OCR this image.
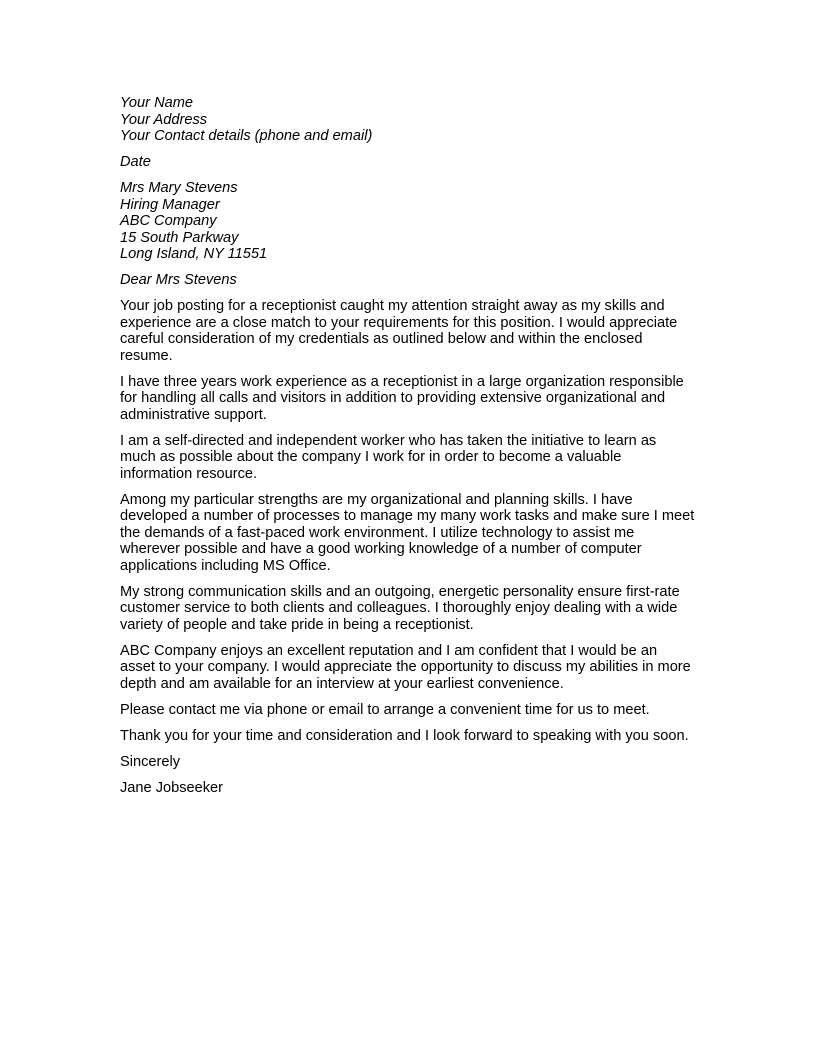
Your Name
Your Address
Your Contact details (phone and email)
Date
Mrs Mary Stevens
Hiring Manager
ABC Company
15 South Parkway
Long Island, NY 11551
Dear Mrs Stevens

Your job posting for a receptionist caught my attention straight away as my skills and experience are a close match to your requirements for this position. I would appreciate careful consideration of my credentials as outlined below and within the enclosed resume.

I have three years work experience as a receptionist in a large organization responsible for handling all calls and visitors in addition to providing extensive organizational and administrative support.

I am a self-directed and independent worker who has taken the initiative to learn as much as possible about the company I work for in order to become a valuable information resource.

Among my particular strengths are my organizational and planning skills. I have developed a number of processes to manage my many work tasks and make sure I meet the demands of a fast-paced work environment. I utilize technology to assist me wherever possible and have a good working knowledge of a number of computer applications including MS Office.

My strong communication skills and an outgoing, energetic personality ensure first-rate customer service to both clients and colleagues. I thoroughly enjoy dealing with a wide variety of people and take pride in being a receptionist.

ABC Company enjoys an excellent reputation and I am confident that I would be an asset to your company. I would appreciate the opportunity to discuss my abilities in more depth and am available for an interview at your earliest convenience.

Please contact me via phone or email to arrange a convenient time for us to meet.

Thank you for your time and consideration and I look forward to speaking with you soon.

Sincerely
Jane Jobseeker
